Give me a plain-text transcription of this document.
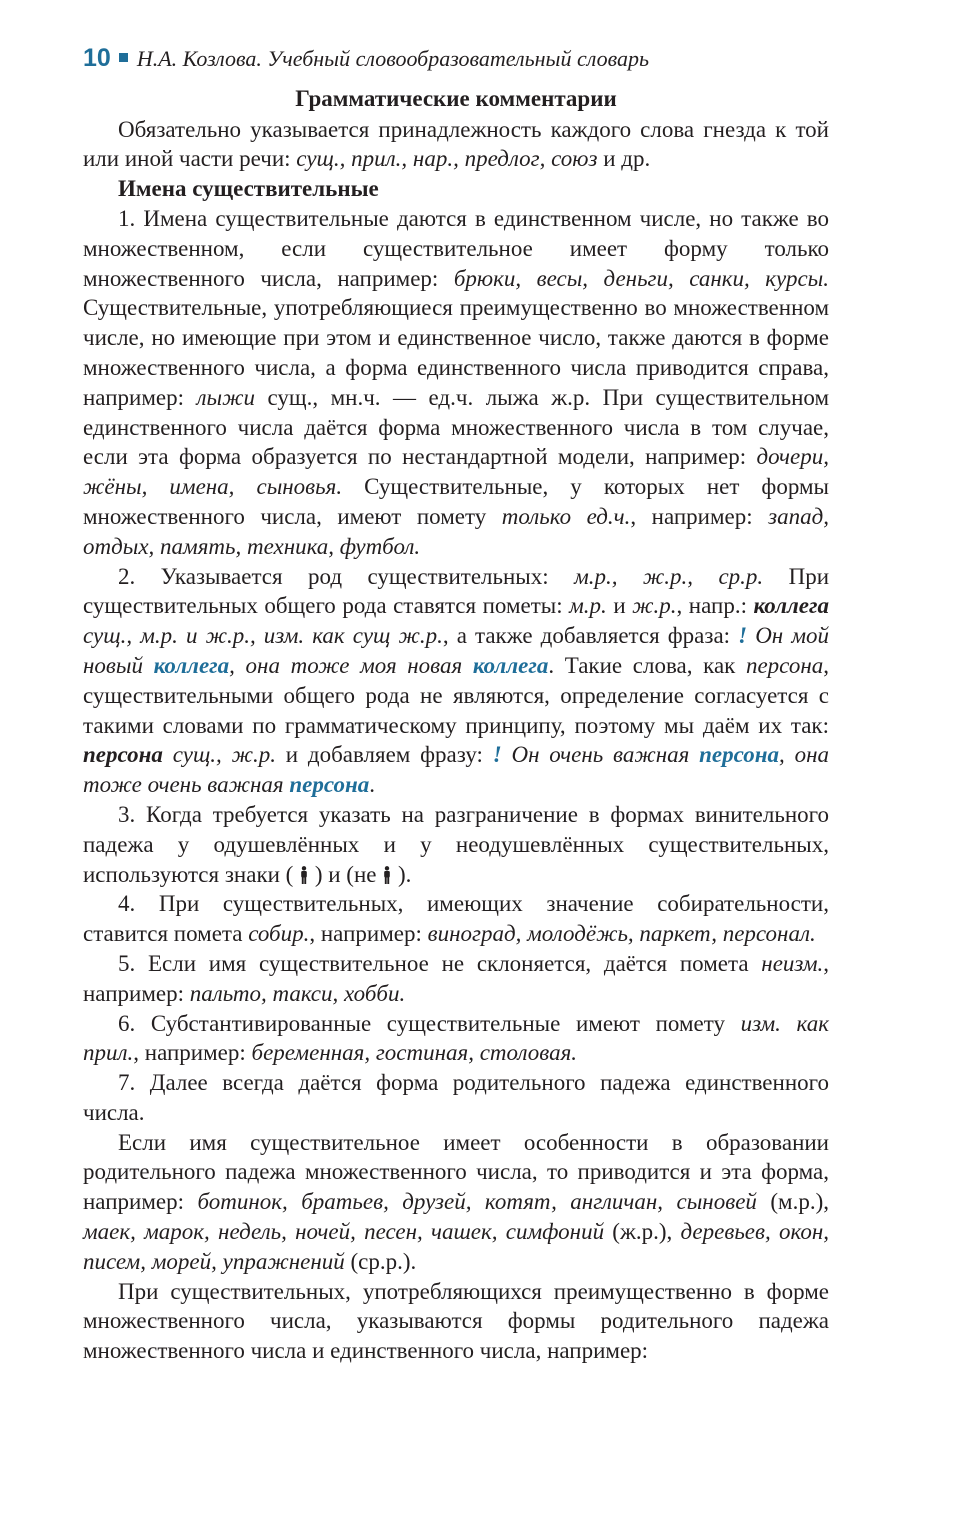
10 Н.А. Козлова. Учебный словообразовательный словарь
Грамматические комментарии

Обязательно указывается принадлежность каждого слова гнезда к той или иной части речи: сущ., прил., нар., предлог, союз и др.

Имена существительные

1. Имена существительные даются в единственном числе, но также во множественном, если существительное имеет форму только множественного числа, например: брюки, весы, деньги, санки, курсы. Существительные, употребляющиеся преимущественно во множественном числе, но имеющие при этом и единственное число, также даются в форме множественного числа, а форма единственного числа приводится справа, например: лыжи сущ., мн.ч. — ед.ч. лыжа ж.р. При существительном единственного числа даётся форма множественного числа в том случае, если эта форма образуется по нестандартной модели, например: дочери, жёны, имена, сыновья. Существительные, у которых нет формы множественного числа, имеют помету только ед.ч., например: запад, отдых, память, техника, футбол.

2. Указывается род существительных: м.р., ж.р., ср.р. При существительных общего рода ставятся пометы: м.р. и ж.р., напр.: коллега сущ., м.р. и ж.р., изм. как сущ ж.р., а также добавляется фраза: ! Он мой новый коллега, она тоже моя новая коллега. Такие слова, как персона, существительными общего рода не являются, определение согласуется с такими словами по грамматическому принципу, поэтому мы даём их так: персона сущ., ж.р. и добавляем фразу: ! Он очень важная персона, она тоже очень важная персона.

3. Когда требуется указать на разграничение в формах винительного падежа у одушевлённых и у неодушевлённых существительных, используются знаки (  ) и (не  ).

4. При существительных, имеющих значение собирательности, ставится помета собир., например: виноград, молодёжь, паркет, персонал.

5. Если имя существительное не склоняется, даётся помета неизм., например: пальто, такси, хобби.

6. Субстантивированные существительные имеют помету изм. как прил., например: беременная, гостиная, столовая.

7. Далее всегда даётся форма родительного падежа единственного числа.

Если имя существительное имеет особенности в образовании родительного падежа множественного числа, то приводится и эта форма, например: ботинок, братьев, друзей, котят, англичан, сыновей (м.р.), маек, марок, недель, ночей, песен, чашек, симфоний (ж.р.), деревьев, окон, писем, морей, упражнений (ср.р.).

При существительных, употребляющихся преимущественно в форме множественного числа, указываются формы родительного падежа множественного числа и единственного числа, например:
